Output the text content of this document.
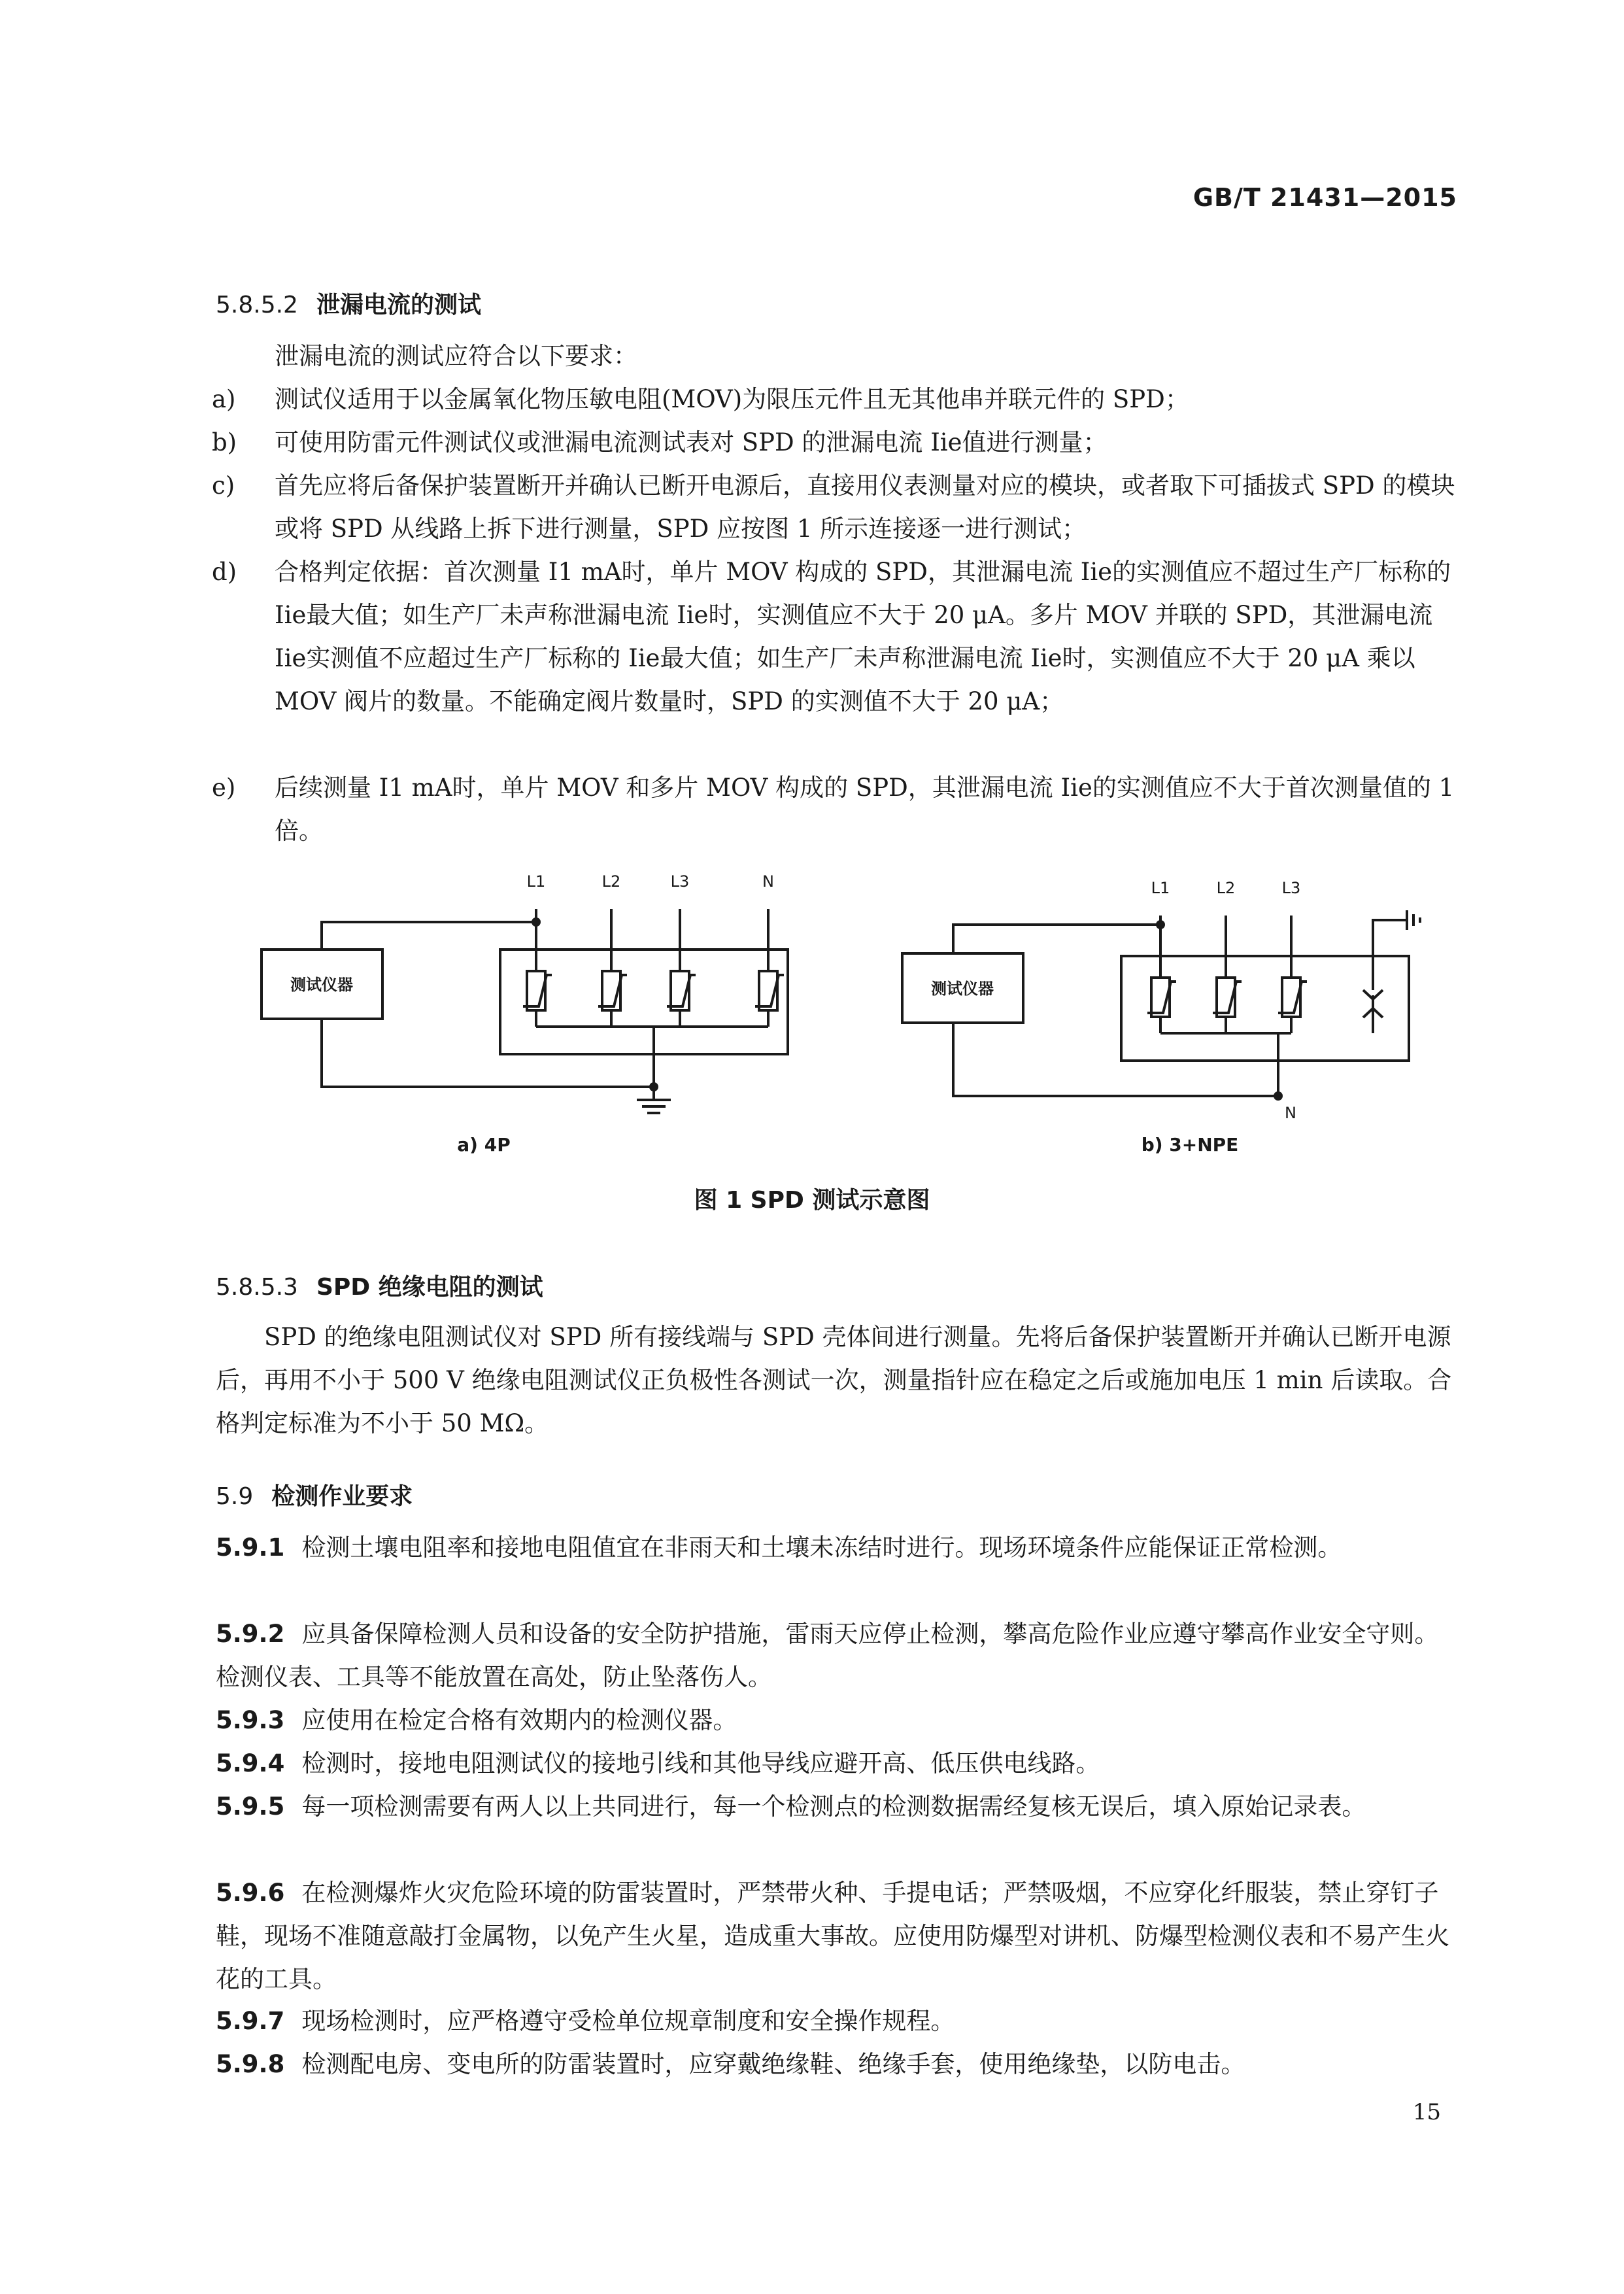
GB/T 21431—2015
5.8.5.2 泄漏电流的测试
泄漏电流的测试应符合以下要求：
a) 测试仪适用于以金属氧化物压敏电阻(MOV)为限压元件且无其他串并联元件的 SPD；
b) 可使用防雷元件测试仪或泄漏电流测试表对 SPD 的泄漏电流 Iie值进行测量；
c) 首先应将后备保护装置断开并确认已断开电源后，直接用仪表测量对应的模块，或者取下可插拔式 SPD 的模块或将 SPD 从线路上拆下进行测量，SPD 应按图 1 所示连接逐一进行测试；
d) 合格判定依据：首次测量 I1 mA时，单片 MOV 构成的 SPD，其泄漏电流 Iie的实测值应不超过生产厂标称的 Iie最大值；如生产厂未声称泄漏电流 Iie时，实测值应不大于 20 μA。多片 MOV 并联的 SPD，其泄漏电流 Iie实测值不应超过生产厂标称的 Iie最大值；如生产厂未声称泄漏电流 Iie时，实测值应不大于 20 μA 乘以 MOV 阀片的数量。不能确定阀片数量时，SPD 的实测值不大于 20 μA；
e) 后续测量 I1 mA时，单片 MOV 和多片 MOV 构成的 SPD，其泄漏电流 Iie的实测值应不大于首次测量值的 1 倍。
L1	L2	L3	N	L1	L2	L3
N
测试仪器	测试仪器
a) 4P	b) 3+NPE
图 1 SPD 测试示意图
5.8.5.3 SPD 绝缘电阻的测试
SPD 的绝缘电阻测试仪对 SPD 所有接线端与 SPD 壳体间进行测量。先将后备保护装置断开并确认已断开电源后，再用不小于 500 V 绝缘电阻测试仪正负极性各测试一次，测量指针应在稳定之后或施加电压 1 min 后读取。合格判定标准为不小于 50 MΩ。
5.9 检测作业要求
5.9.1 检测土壤电阻率和接地电阻值宜在非雨天和土壤未冻结时进行。现场环境条件应能保证正常检测。
5.9.2 应具备保障检测人员和设备的安全防护措施，雷雨天应停止检测，攀高危险作业应遵守攀高作业安全守则。检测仪表、工具等不能放置在高处，防止坠落伤人。
5.9.3 应使用在检定合格有效期内的检测仪器。
5.9.4 检测时，接地电阻测试仪的接地引线和其他导线应避开高、低压供电线路。
5.9.5 每一项检测需要有两人以上共同进行，每一个检测点的检测数据需经复核无误后，填入原始记录表。
5.9.6 在检测爆炸火灾危险环境的防雷装置时，严禁带火种、手提电话；严禁吸烟，不应穿化纤服装，禁止穿钉子鞋，现场不准随意敲打金属物，以免产生火星，造成重大事故。应使用防爆型对讲机、防爆型检测仪表和不易产生火花的工具。
5.9.7 现场检测时，应严格遵守受检单位规章制度和安全操作规程。
5.9.8 检测配电房、变电所的防雷装置时，应穿戴绝缘鞋、绝缘手套，使用绝缘垫，以防电击。
15
